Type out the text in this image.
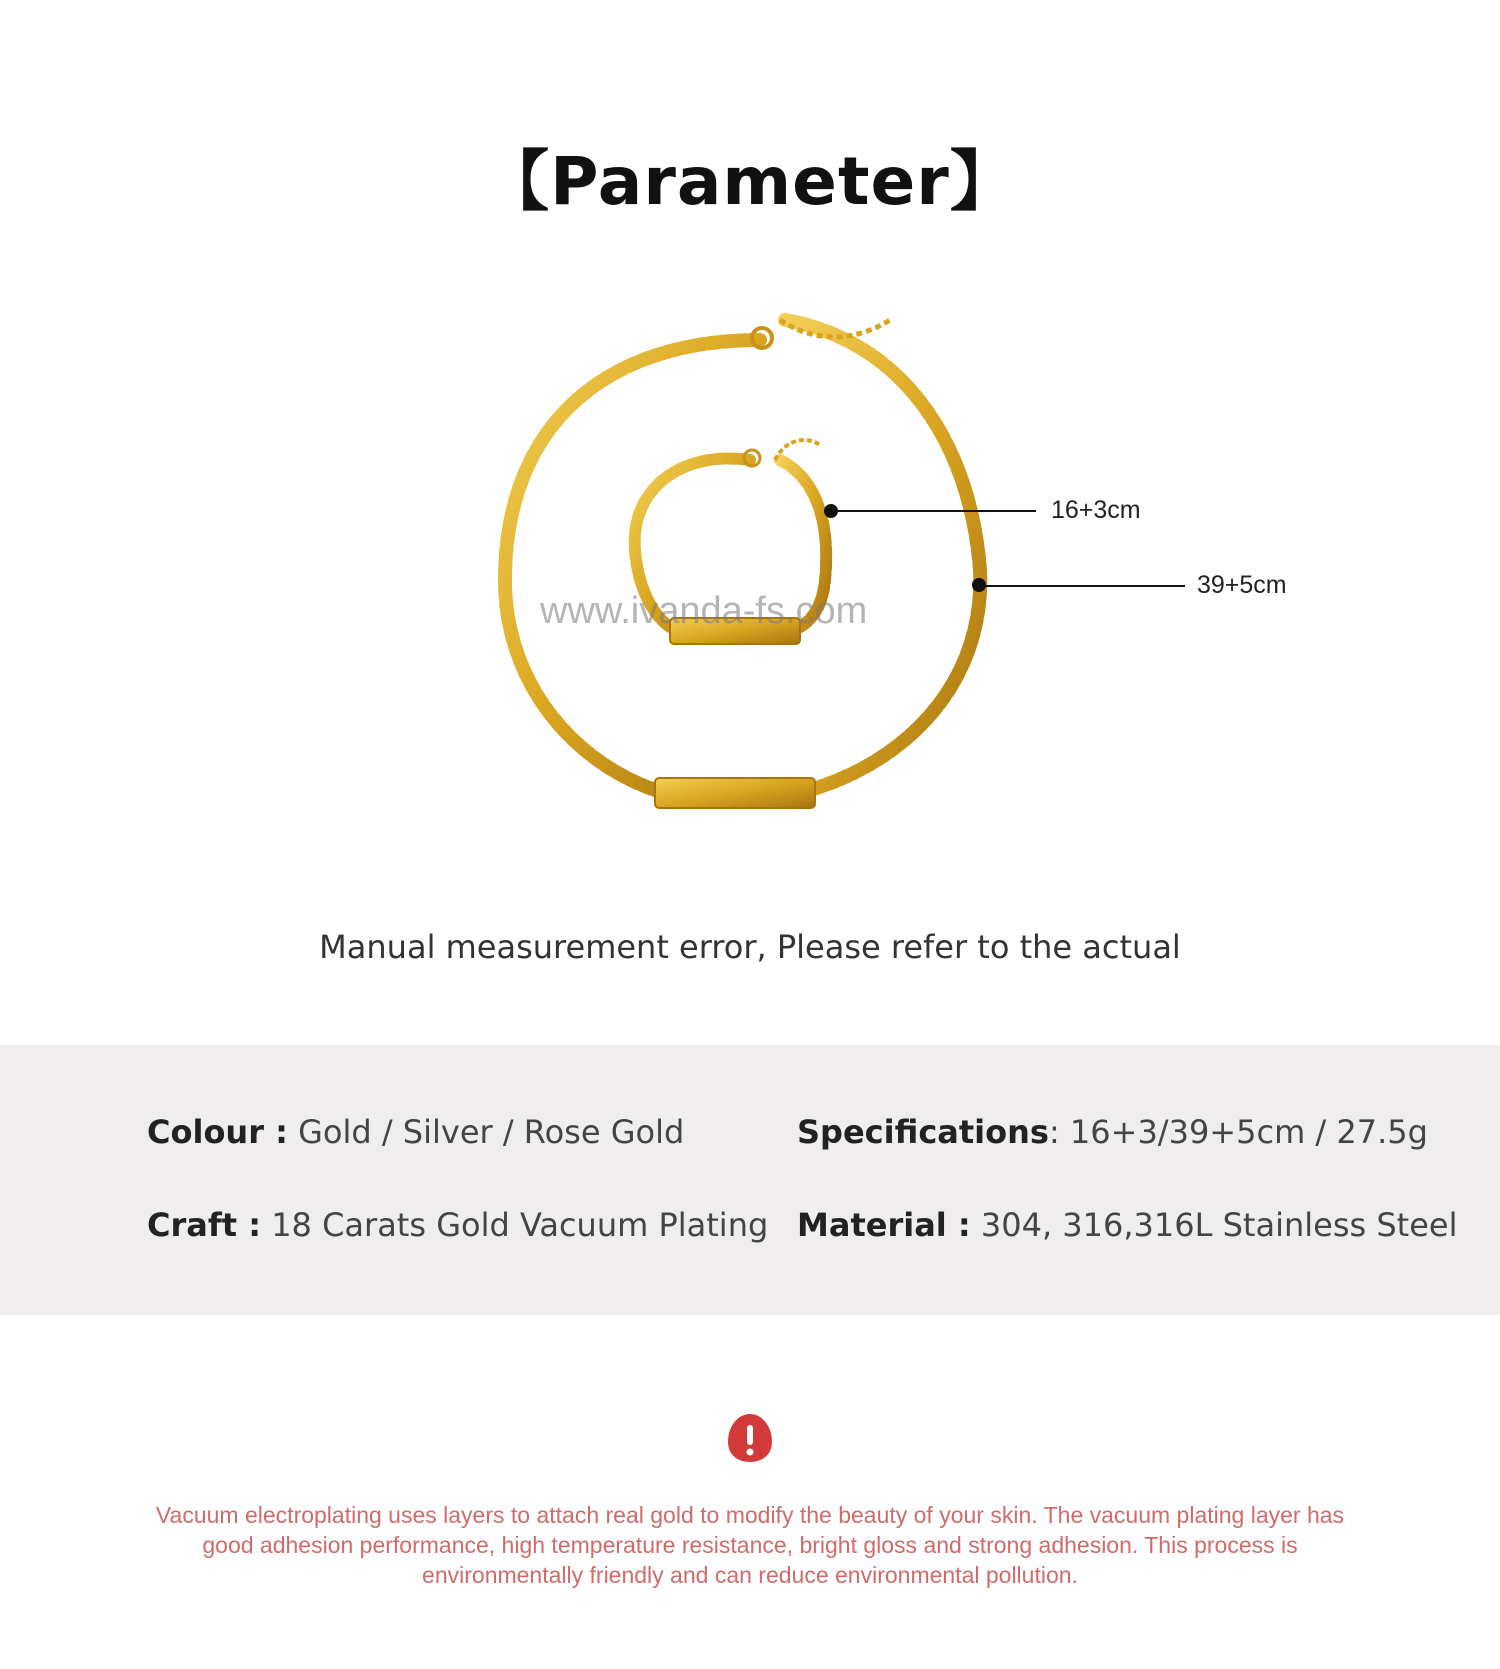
【Parameter】
www.ivanda-fs.com
16+3cm
39+5cm
Manual measurement error, Please refer to the actual
Colour : Gold / Silver / Rose Gold	Specifications: 16+3/39+5cm / 27.5g
Craft : 18 Carats Gold Vacuum Plating Material : 304, 316,316L Stainless Steel
Vacuum electroplating uses layers to attach real gold to modify the beauty of your skin. The vacuum plating layer has good adhesion performance, high temperature resistance, bright gloss and strong adhesion. This process is environmentally friendly and can reduce environmental pollution.
